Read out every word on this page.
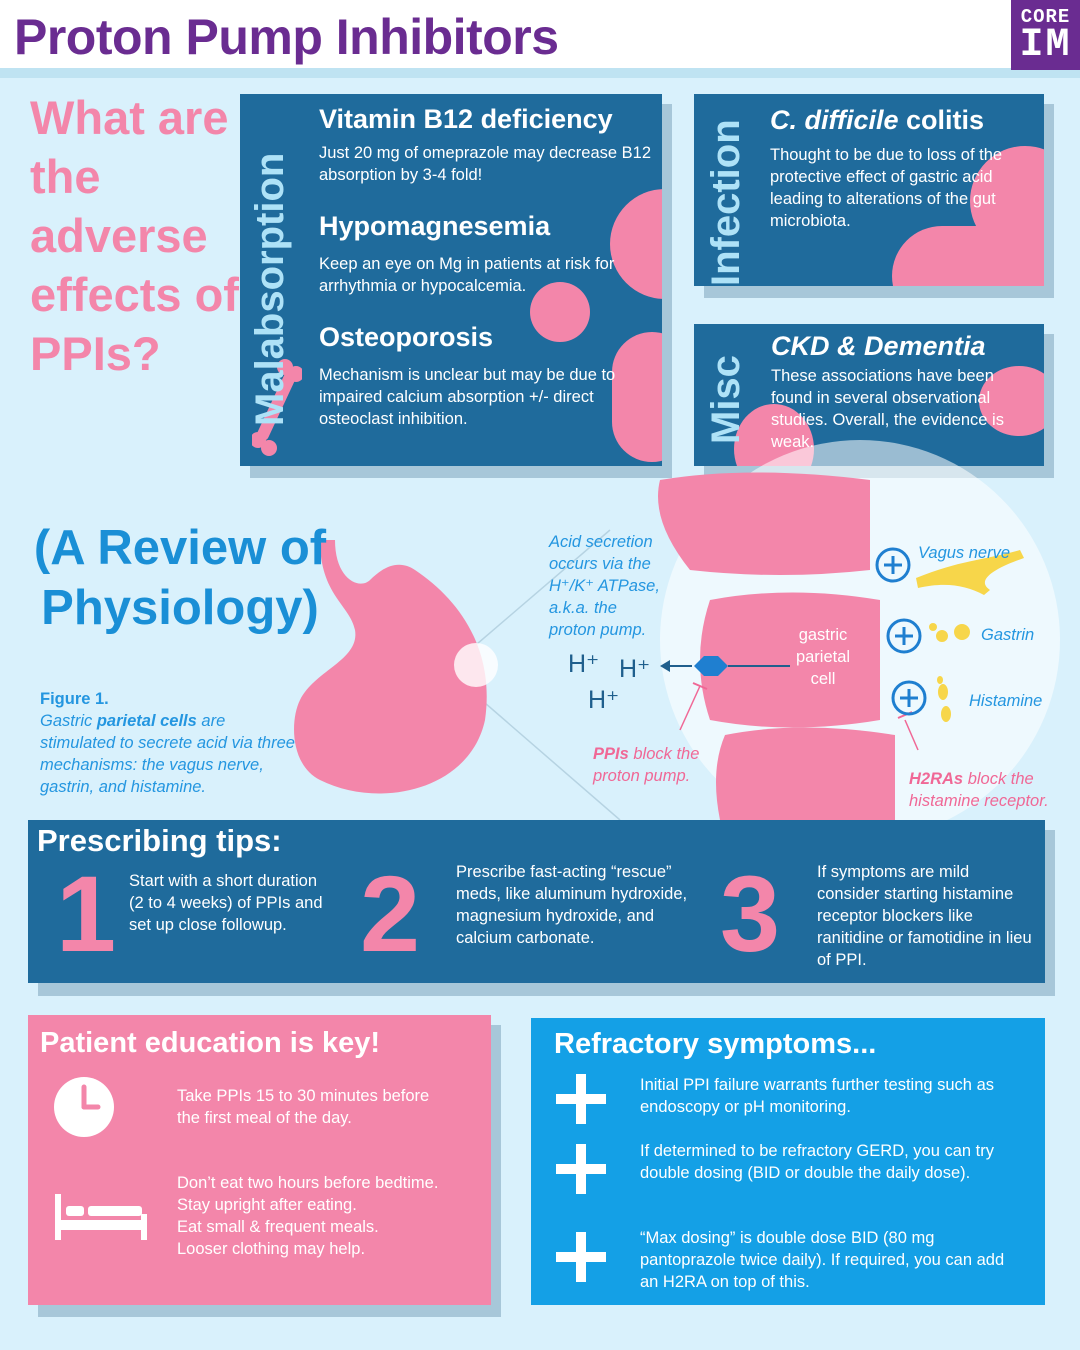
Proton Pump Inhibitors	CORE
IM
What are the adverse effects of PPIs?	Malabsorption
Vitamin B12 deficiency
Just 20 mg of omeprazole may decrease B12 absorption by 3-4 fold!
Hypomagnesemia
Keep an eye on Mg in patients at risk for arrhythmia or hypocalcemia.
Osteoporosis
Mechanism is unclear but may be due to impaired calcium absorption +/- direct osteoclast inhibition.
Infection C. difficile colitis
Thought to be due to loss of the protective effect of gastric acid leading to alterations of the gut microbiota.
Misc
CKD & Dementia
These associations have been found in several observational studies. Overall, the evidence is weak.
(A Review of Physiology)
Figure 1.
Gastric parietal cells are stimulated to secrete acid via three mechanisms: the vagus nerve, gastrin, and histamine.
Acid secretion
occurs via the
H⁺/K⁺ ATPase,
a.k.a. the
proton pump.	gastric
parietal
cell
H⁺ H⁺
H⁺
Vagus nerve
Gastrin
Histamine
PPIs block the
proton pump.	H2RAs block the
histamine receptor.
Prescribing tips:
1 Start with a short duration (2 to 4 weeks) of PPIs and set up close followup. 2 Prescribe fast-acting “rescue” meds, like aluminum hydroxide, magnesium hydroxide, and calcium carbonate.	3 If symptoms are mild consider starting histamine receptor blockers like ranitidine or famotidine in lieu of PPI.
Patient education is key!
Take PPIs 15 to 30 minutes before
the first meal of the day.
Don’t eat two hours before bedtime.
Stay upright after eating.
Eat small & frequent meals.
Looser clothing may help.
Refractory symptoms...
Initial PPI failure warrants further testing such as endoscopy or pH monitoring.
If determined to be refractory GERD, you can try double dosing (BID or double the daily dose).
“Max dosing” is double dose BID (80 mg pantoprazole twice daily). If required, you can add an H2RA on top of this.
